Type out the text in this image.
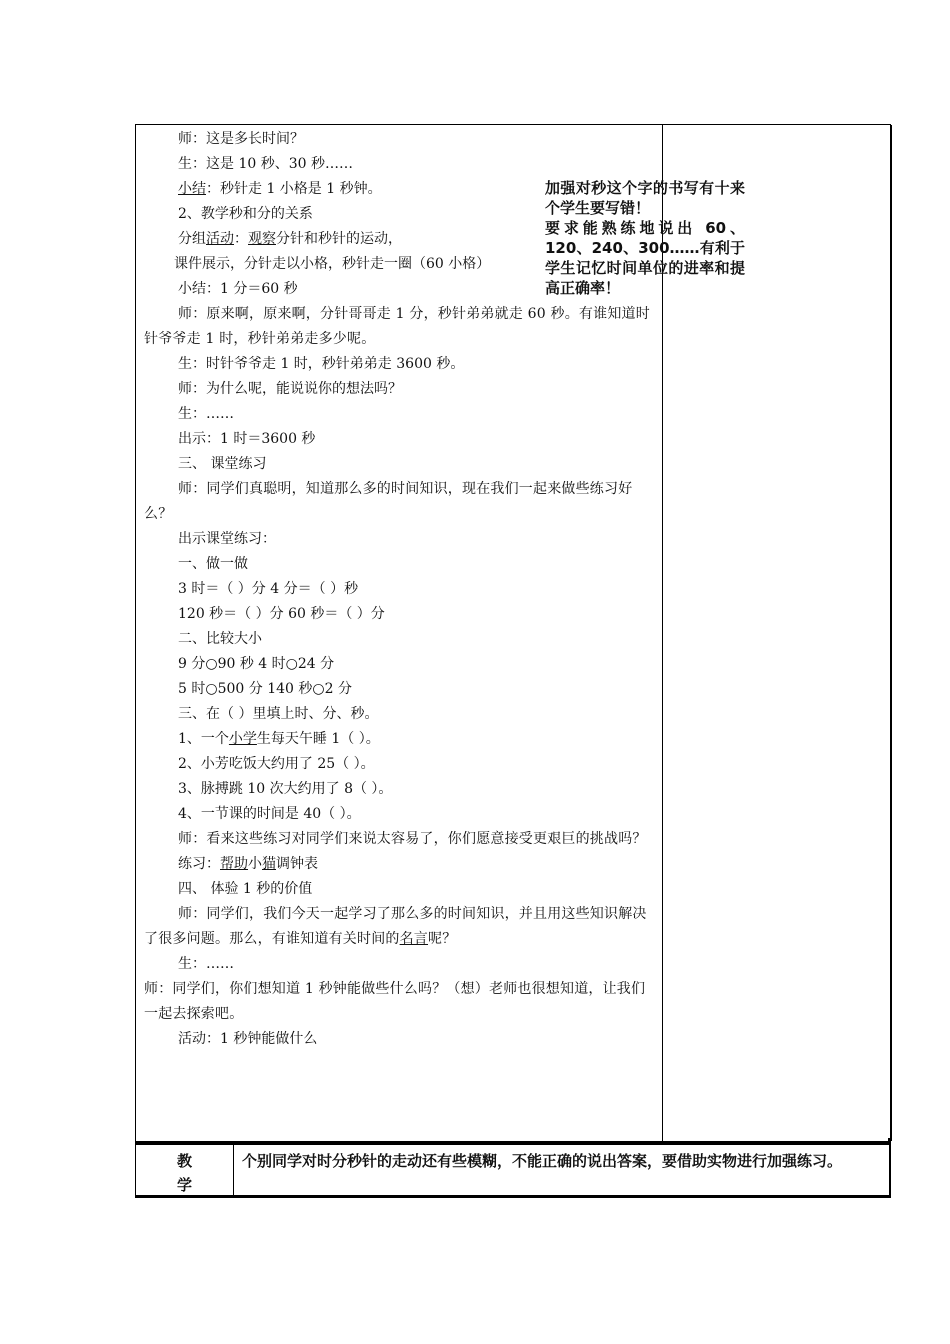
师：这是多长时间？
生：这是 10 秒、30 秒……
小结：秒针走 1 小格是 1 秒钟。
2、教学秒和分的关系
分组活动：观察分针和秒针的运动，
课件展示，分针走以小格，秒针走一圈（60 小格）
小结：1 分＝60 秒
师：原来啊，原来啊，分针哥哥走 1 分，秒针弟弟就走 60 秒。有谁知道时针爷爷走 1 时，秒针弟弟走多少呢。
生：时针爷爷走 1 时，秒针弟弟走 3600 秒。
师：为什么呢，能说说你的想法吗？
生：……
出示：1 时＝3600 秒
三、 课堂练习
师：同学们真聪明，知道那么多的时间知识，现在我们一起来做些练习好么？
出示课堂练习：
一、做一做
3 时＝（ ）分 4 分＝（ ）秒
120 秒＝（ ）分 60 秒＝（ ）分
二、比较大小
9 分○90 秒 4 时○24 分
5 时○500 分 140 秒○2 分
三、在（ ）里填上时、分、秒。
1、一个小学生每天午睡 1（ ）。
2、小芳吃饭大约用了 25（ ）。
3、脉搏跳 10 次大约用了 8（ ）。
4、一节课的时间是 40（ ）。
师：看来这些练习对同学们来说太容易了，你们愿意接受更艰巨的挑战吗？
练习：帮助小猫调钟表
四、 体验 1 秒的价值
师：同学们，我们今天一起学习了那么多的时间知识，并且用这些知识解决了很多问题。那么，有谁知道有关时间的名言呢？
生：……
师：同学们，你们想知道 1 秒钟能做些什么吗？（想）老师也很想知道，让我们一起去探索吧。
活动：1 秒钟能做什么
加强对秒这个字的书写有十来个学生要写错！
要求能熟练地说出 60、120、240、300……有利于学生记忆时间单位的进率和提高正确率！
教
学
个别同学对时分秒针的走动还有些模糊，不能正确的说出答案，要借助实物进行加强练习。
